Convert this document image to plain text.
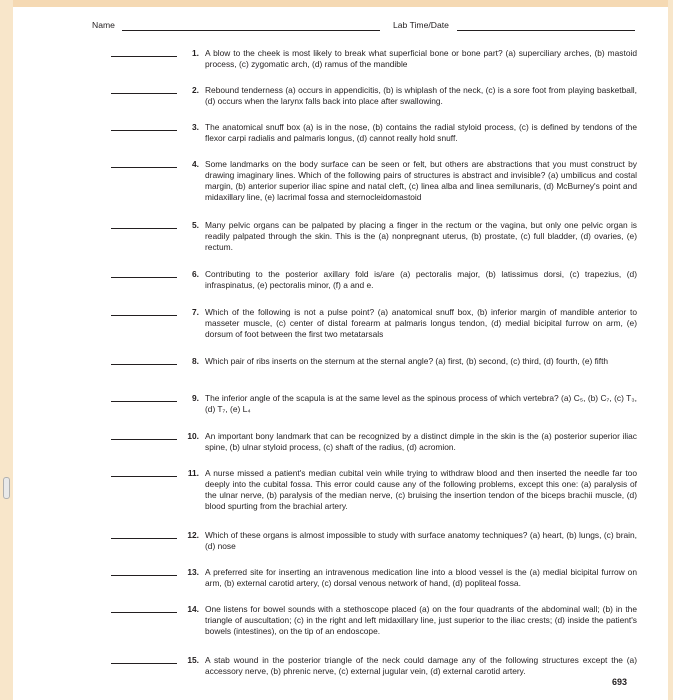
Name	Lab Time/Date
1. A blow to the cheek is most likely to break what superficial bone or bone part? (a) superciliary arches, (b) mastoid process, (c) zygomatic arch, (d) ramus of the mandible
2. Rebound tenderness (a) occurs in appendicitis, (b) is whiplash of the neck, (c) is a sore foot from playing basketball, (d) occurs when the larynx falls back into place after swallowing.
3. The anatomical snuff box (a) is in the nose, (b) contains the radial styloid process, (c) is defined by tendons of the flexor carpi radialis and palmaris longus, (d) cannot really hold snuff.
4. Some landmarks on the body surface can be seen or felt, but others are abstractions that you must construct by drawing imaginary lines. Which of the following pairs of structures is abstract and invisible? (a) umbilicus and costal margin, (b) anterior superior iliac spine and natal cleft, (c) linea alba and linea semilunaris, (d) McBurney's point and midaxillary line, (e) lacrimal fossa and sternocleidomastoid
5. Many pelvic organs can be palpated by placing a finger in the rectum or the vagina, but only one pelvic organ is readily palpated through the skin. This is the (a) nonpregnant uterus, (b) prostate, (c) full bladder, (d) ovaries, (e) rectum.
6. Contributing to the posterior axillary fold is/are (a) pectoralis major, (b) latissimus dorsi, (c) trapezius, (d) infraspinatus, (e) pectoralis minor, (f) a and e.
7. Which of the following is not a pulse point? (a) anatomical snuff box, (b) inferior margin of mandible anterior to masseter muscle, (c) center of distal forearm at palmaris longus tendon, (d) medial bicipital furrow on arm, (e) dorsum of foot between the first two metatarsals
8. Which pair of ribs inserts on the sternum at the sternal angle? (a) first, (b) second, (c) third, (d) fourth, (e) fifth
9. The inferior angle of the scapula is at the same level as the spinous process of which vertebra? (a) C₅, (b) C₇, (c) T₃, (d) T₇, (e) L₄
10. An important bony landmark that can be recognized by a distinct dimple in the skin is the (a) posterior superior iliac spine, (b) ulnar styloid process, (c) shaft of the radius, (d) acromion.
11. A nurse missed a patient's median cubital vein while trying to withdraw blood and then inserted the needle far too deeply into the cubital fossa. This error could cause any of the following problems, except this one: (a) paralysis of the ulnar nerve, (b) paralysis of the median nerve, (c) bruising the insertion tendon of the biceps brachii muscle, (d) blood spurting from the brachial artery.
12. Which of these organs is almost impossible to study with surface anatomy techniques? (a) heart, (b) lungs, (c) brain, (d) nose
13. A preferred site for inserting an intravenous medication line into a blood vessel is the (a) medial bicipital furrow on arm, (b) external carotid artery, (c) dorsal venous network of hand, (d) popliteal fossa.
14. One listens for bowel sounds with a stethoscope placed (a) on the four quadrants of the abdominal wall; (b) in the triangle of auscultation; (c) in the right and left midaxillary line, just superior to the iliac crests; (d) inside the patient's bowels (intestines), on the tip of an endoscope.
15. A stab wound in the posterior triangle of the neck could damage any of the following structures except the (a) accessory nerve, (b) phrenic nerve, (c) external jugular vein, (d) external carotid artery.
693
